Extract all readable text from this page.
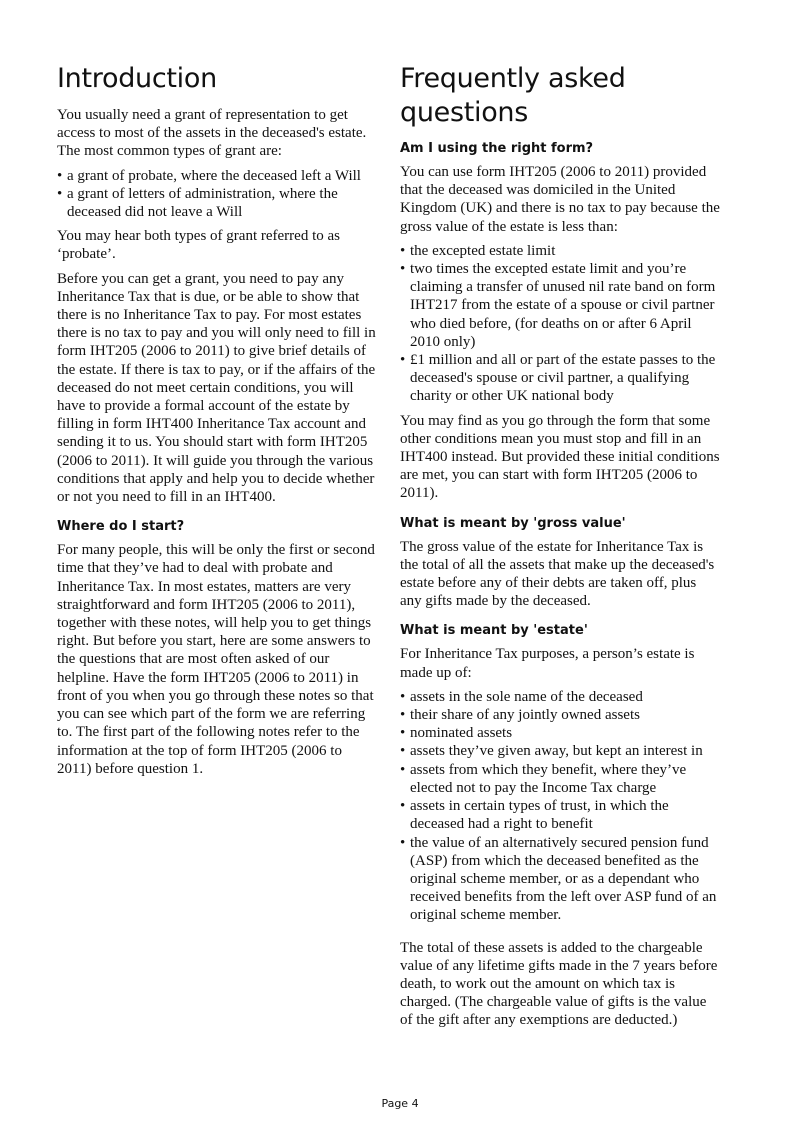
Introduction

You usually need a grant of representation to get access to most of the assets in the deceased's estate. The most common types of grant are:

• a grant of probate, where the deceased left a Will
• a grant of letters of administration, where the deceased did not leave a Will

You may hear both types of grant referred to as ‘probate’.

Before you can get a grant, you need to pay any Inheritance Tax that is due, or be able to show that there is no Inheritance Tax to pay. For most estates there is no tax to pay and you will only need to fill in form IHT205 (2006 to 2011) to give brief details of the estate. If there is tax to pay, or if the affairs of the deceased do not meet certain conditions, you will have to provide a formal account of the estate by filling in form IHT400 Inheritance Tax account and sending it to us. You should start with form IHT205 (2006 to 2011). It will guide you through the various conditions that apply and help you to decide whether or not you need to fill in an IHT400.

Where do I start?

For many people, this will be only the first or second time that they’ve had to deal with probate and Inheritance Tax. In most estates, matters are very straightforward and form IHT205 (2006 to 2011), together with these notes, will help you to get things right. But before you start, here are some answers to the questions that are most often asked of our helpline. Have the form IHT205 (2006 to 2011) in front of you when you go through these notes so that you can see which part of the form we are referring to. The first part of the following notes refer to the information at the top of form IHT205 (2006 to 2011) before question 1.

Frequently asked questions
Am I using the right form?

You can use form IHT205 (2006 to 2011) provided that the deceased was domiciled in the United Kingdom (UK) and there is no tax to pay because the gross value of the estate is less than:

• the excepted estate limit
• two times the excepted estate limit and you’re claiming a transfer of unused nil rate band on form IHT217 from the estate of a spouse or civil partner who died before, (for deaths on or after 6 April 2010 only)
• £1 million and all or part of the estate passes to the deceased's spouse or civil partner, a qualifying charity or other UK national body

You may find as you go through the form that some other conditions mean you must stop and fill in an IHT400 instead. But provided these initial conditions are met, you can start with form IHT205 (2006 to 2011).

What is meant by 'gross value'

The gross value of the estate for Inheritance Tax is the total of all the assets that make up the deceased's estate before any of their debts are taken off, plus any gifts made by the deceased.

What is meant by 'estate'

For Inheritance Tax purposes, a person’s estate is made up of:

• assets in the sole name of the deceased
• their share of any jointly owned assets
• nominated assets
• assets they’ve given away, but kept an interest in
• assets from which they benefit, where they’ve elected not to pay the Income Tax charge
• assets in certain types of trust, in which the deceased had a right to benefit
• the value of an alternatively secured pension fund (ASP) from which the deceased benefited as the original scheme member, or as a dependant who received benefits from the left over ASP fund of an original scheme member.

The total of these assets is added to the chargeable value of any lifetime gifts made in the 7 years before death, to work out the amount on which tax is charged. (The chargeable value of gifts is the value of the gift after any exemptions are deducted.)

Page 4
